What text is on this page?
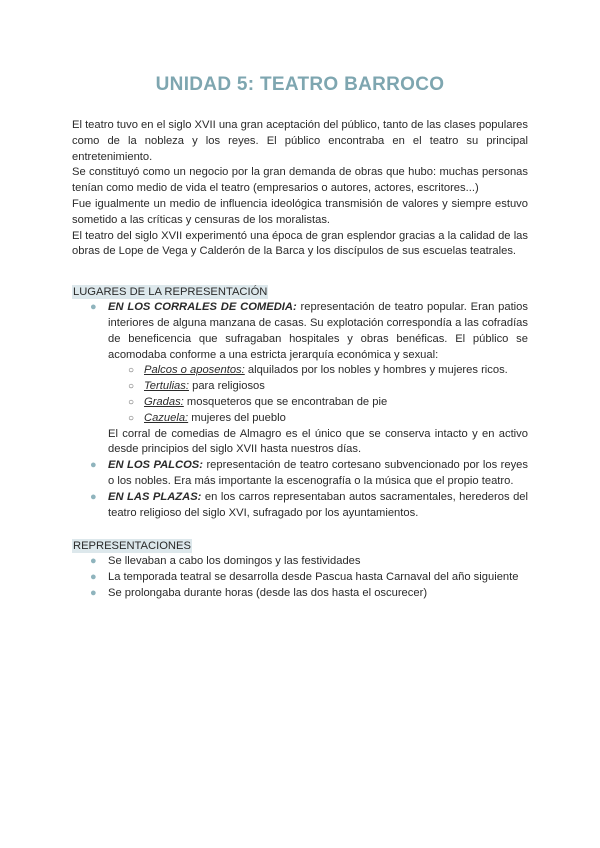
UNIDAD 5: TEATRO BARROCO

El teatro tuvo en el siglo XVII una gran aceptación del público, tanto de las clases populares como de la nobleza y los reyes. El público encontraba en el teatro su principal entretenimiento.

Se constituyó como un negocio por la gran demanda de obras que hubo: muchas personas tenían como medio de vida el teatro (empresarios o autores, actores, escritores...)

Fue igualmente un medio de influencia ideológica transmisión de valores y siempre estuvo sometido a las críticas y censuras de los moralistas.

El teatro del siglo XVII experimentó una época de gran esplendor gracias a la calidad de las obras de Lope de Vega y Calderón de la Barca y los discípulos de sus escuelas teatrales.

LUGARES DE LA REPRESENTACIÓN
● EN LOS CORRALES DE COMEDIA: representación de teatro popular. Eran patios interiores de alguna manzana de casas. Su explotación correspondía a las cofradías de beneficencia que sufragaban hospitales y obras benéficas. El público se acomodaba conforme a una estricta jerarquía económica y sexual:
○ Palcos o aposentos: alquilados por los nobles y hombres y mujeres ricos.
○ Tertulias: para religiosos
○ Gradas: mosqueteros que se encontraban de pie
○ Cazuela: mujeres del pueblo
El corral de comedias de Almagro es el único que se conserva intacto y en activo desde principios del siglo XVII hasta nuestros días.
● EN LOS PALCOS: representación de teatro cortesano subvencionado por los reyes o los nobles. Era más importante la escenografía o la música que el propio teatro.
● EN LAS PLAZAS: en los carros representaban autos sacramentales, herederos del teatro religioso del siglo XVI, sufragado por los ayuntamientos.
REPRESENTACIONES
● Se llevaban a cabo los domingos y las festividades
● La temporada teatral se desarrolla desde Pascua hasta Carnaval del año siguiente
● Se prolongaba durante horas (desde las dos hasta el oscurecer)
